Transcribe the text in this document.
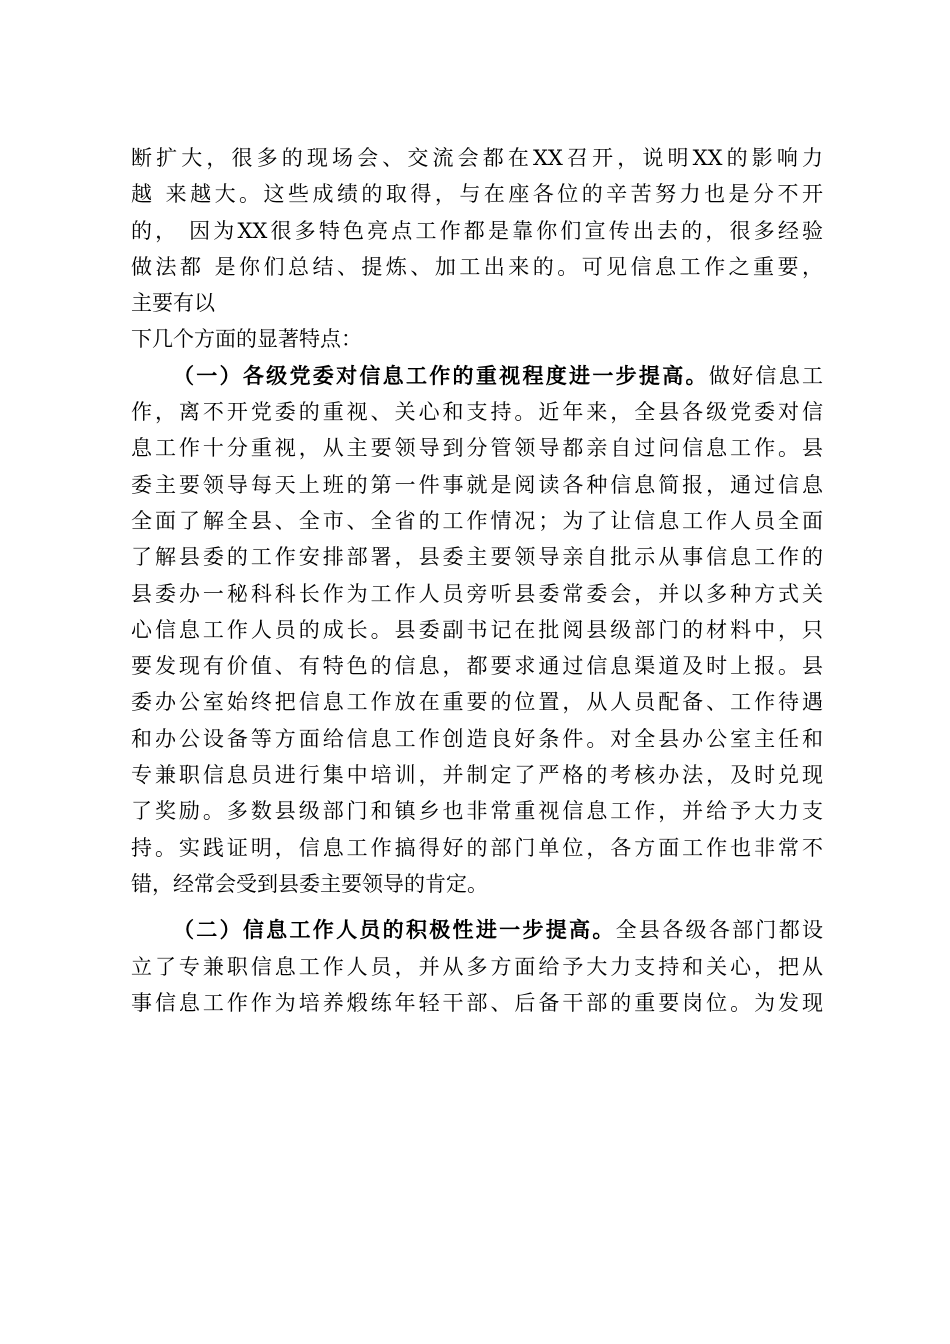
断扩大，很多的现场会、交流会都在XX召开，说明XX的影响力
越 来越大。这些成绩的取得，与在座各位的辛苦努力也是分不开
的， 因为XX很多特色亮点工作都是靠你们宣传出去的，很多经验
做法都 是你们总结、提炼、加工出来的。可见信息工作之重要，
主要有以
下几个方面的显著特点：
（一）各级党委对信息工作的重视程度进一步提高。做好信息工
作，离不开党委的重视、关心和支持。近年来，全县各级党委对信
息工作十分重视，从主要领导到分管领导都亲自过问信息工作。县
委主要领导每天上班的第一件事就是阅读各种信息简报，通过信息
全面了解全县、全市、全省的工作情况；为了让信息工作人员全面
了解县委的工作安排部署，县委主要领导亲自批示从事信息工作的
县委办一秘科科长作为工作人员旁听县委常委会，并以多种方式关
心信息工作人员的成长。县委副书记在批阅县级部门的材料中，只
要发现有价值、有特色的信息，都要求通过信息渠道及时上报。县
委办公室始终把信息工作放在重要的位置，从人员配备、工作待遇
和办公设备等方面给信息工作创造良好条件。对全县办公室主任和
专兼职信息员进行集中培训，并制定了严格的考核办法，及时兑现
了奖励。多数县级部门和镇乡也非常重视信息工作，并给予大力支
持。实践证明，信息工作搞得好的部门单位，各方面工作也非常不
错，经常会受到县委主要领导的肯定。
（二）信息工作人员的积极性进一步提高。全县各级各部门都设
立了专兼职信息工作人员，并从多方面给予大力支持和关心，把从
事信息工作作为培养煅练年轻干部、后备干部的重要岗位。为发现
